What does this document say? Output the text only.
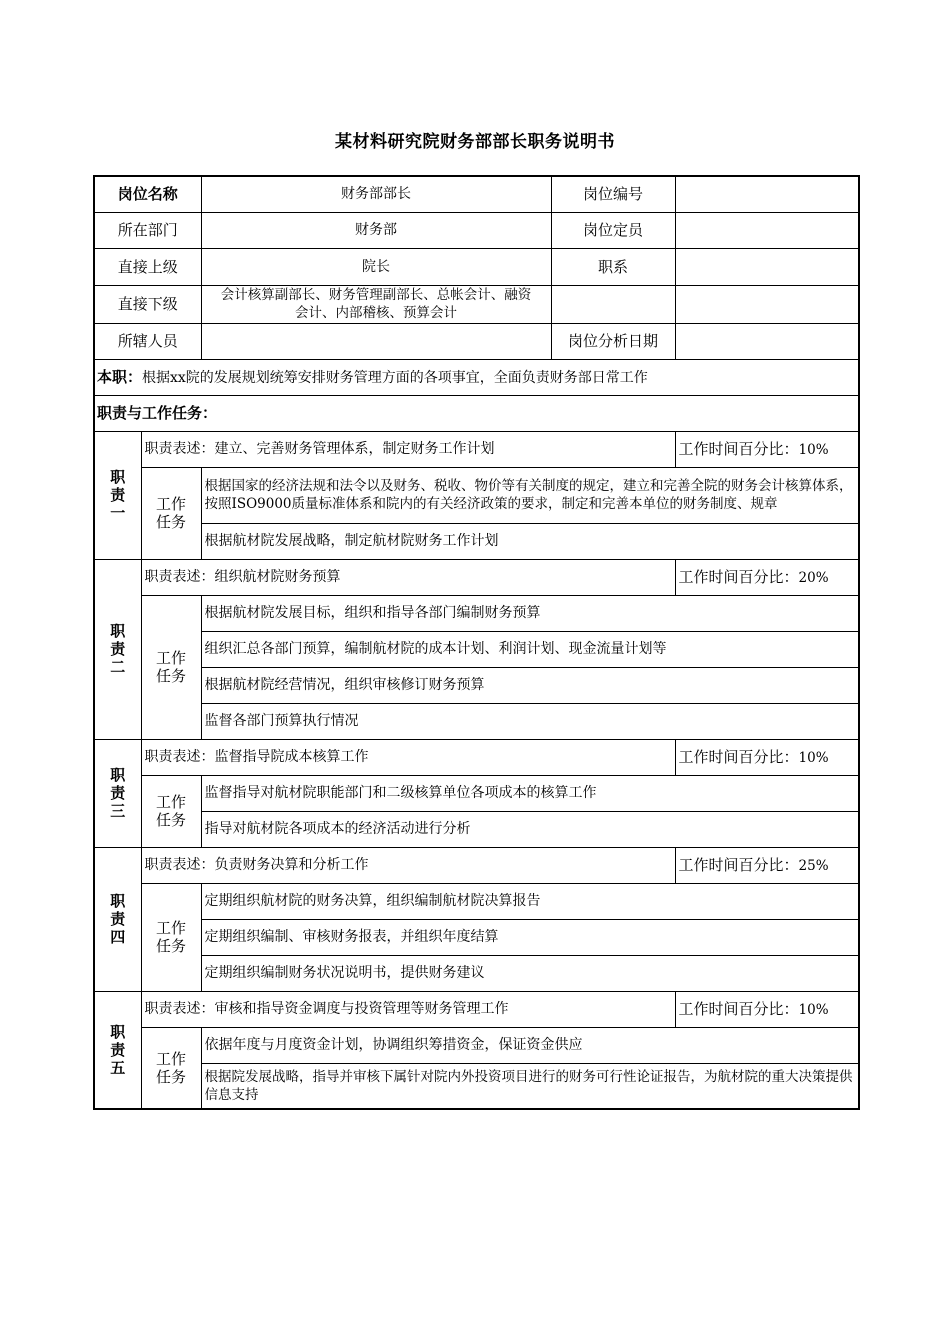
某材料研究院财务部部长职务说明书
岗位名称		财务部部长	岗位编号	
所在部门		财务部	岗位定员	
直接上级		院长	职系	
直接下级		会计核算副部长、财务管理副部长、总帐会计、融资会计、内部稽核、预算会计		
所辖人员			岗位分析日期	
本职：根据xx院的发展规划统筹安排财务管理方面的各项事宜，全面负责财务部日常工作				
职责与工作任务：				

职
责
一	职责表述：建立、完善财务管理体系，制定财务工作计划			工作时间百分比：10%

	工作
任务	根据国家的经济法规和法令以及财务、税收、物价等有关制度的规定，建立和完善全院的财务会计核算体系，按照ISO9000质量标准体系和院内的有关经济政策的要求，制定和完善本单位的财务制度、规章		
		根据航材院发展战略，制定航材院财务工作计划		

职
责
二	职责表述：组织航材院财务预算			工作时间百分比：20%

	工作
任务	根据航材院发展目标，组织和指导各部门编制财务预算		
		组织汇总各部门预算，编制航材院的成本计划、利润计划、现金流量计划等		
		根据航材院经营情况，组织审核修订财务预算		
		监督各部门预算执行情况		

职
责
三	职责表述：监督指导院成本核算工作			工作时间百分比：10%

	工作
任务	监督指导对航材院职能部门和二级核算单位各项成本的核算工作		
		指导对航材院各项成本的经济活动进行分析		

职
责
四	职责表述：负责财务决算和分析工作			工作时间百分比：25%

	工作
任务	定期组织航材院的财务决算，组织编制航材院决算报告		
		定期组织编制、审核财务报表，并组织年度结算		
		定期组织编制财务状况说明书，提供财务建议		

职
责
五	职责表述：审核和指导资金调度与投资管理等财务管理工作			工作时间百分比：10%

	工作
任务	依据年度与月度资金计划，协调组织筹措资金，保证资金供应		
		根据院发展战略，指导并审核下属针对院内外投资项目进行的财务可行性论证报告，为航材院的重大决策提供信息支持		
